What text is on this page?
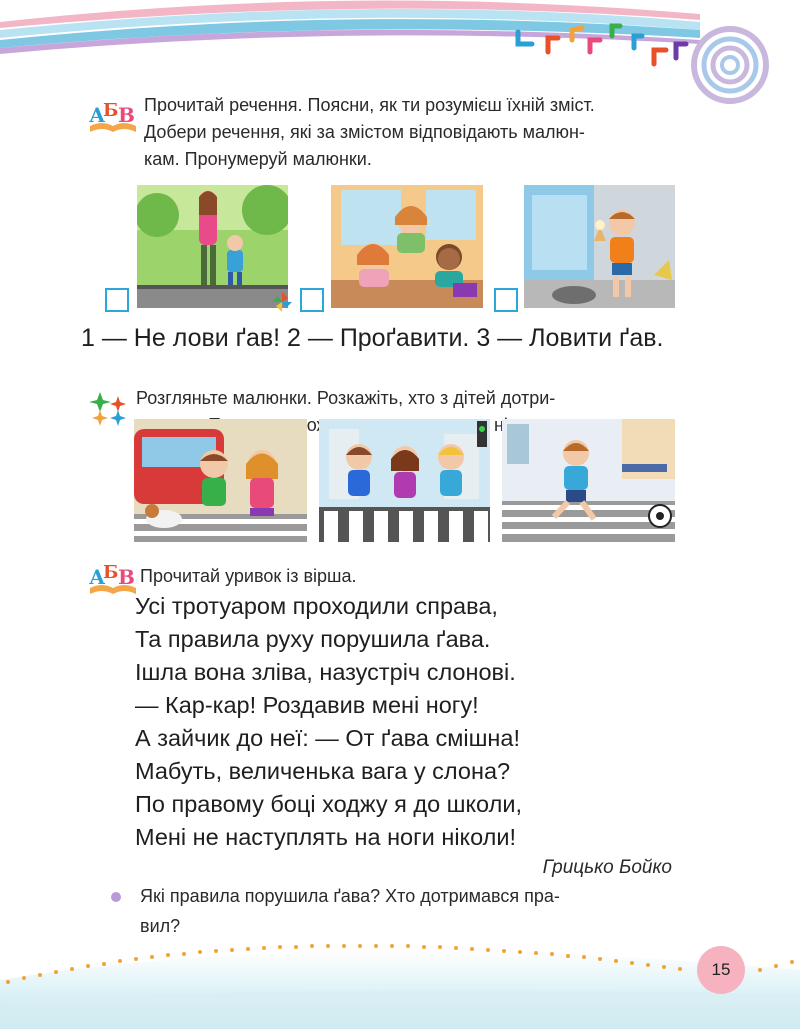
А
Б В Прочитай речення. Поясни, як ти розумієш їхній зміст.
Добери речення, які за змістом відповідають малюн-
кам. Пронумеруй малюнки.
1 — Не лови ґав! 2 — Проґавити. 3 — Ловити ґав.
Розгляньте малюнки. Розкажіть, хто з дітей дотри-
А
Б В Прочитай уривок із вірша.
Усі тротуаром проходили справа,
Та правила руху порушила ґава.
Ішла вона зліва, назустріч слонові.
— Кар-кар! Роздавив мені ногу!
А зайчик до неї: — От ґава смішна!
Мабуть, величенька вага у слона?
По правому боці ходжу я до школи,
Мені не наступлять на ноги ніколи!
Грицько Бойко
Які правила порушила ґава? Хто дотримався пра-
вил?
15
